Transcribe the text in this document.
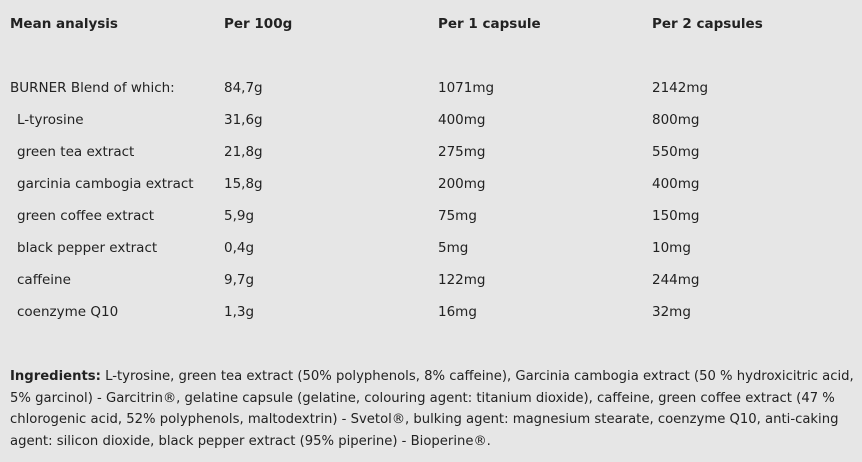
Mean analysis	Per 100g	Per 1 capsule	Per 2 capsules
BURNER Blend of which:	84,7g	1071mg	2142mg
L-tyrosine	31,6g	400mg	800mg
green tea extract	21,8g	275mg	550mg
garcinia cambogia extract 15,8g	200mg	400mg
green coffee extract	5,9g	75mg	150mg
black pepper extract	0,4g	5mg	10mg
caffeine	9,7g	122mg	244mg
coenzyme Q10	1,3g	16mg	32mg
Ingredients: L-tyrosine, green tea extract (50% polyphenols, 8% caffeine), Garcinia cambogia extract (50 % hydroxicitric acid, 5% garcinol) - Garcitrin®, gelatine capsule (gelatine, colouring agent: titanium dioxide), caffeine, green coffee extract (47 % chlorogenic acid, 52% polyphenols, maltodextrin) - Svetol®, bulking agent: magnesium stearate, coenzyme Q10, anti-caking agent: silicon dioxide, black pepper extract (95% piperine) - Bioperine®.
